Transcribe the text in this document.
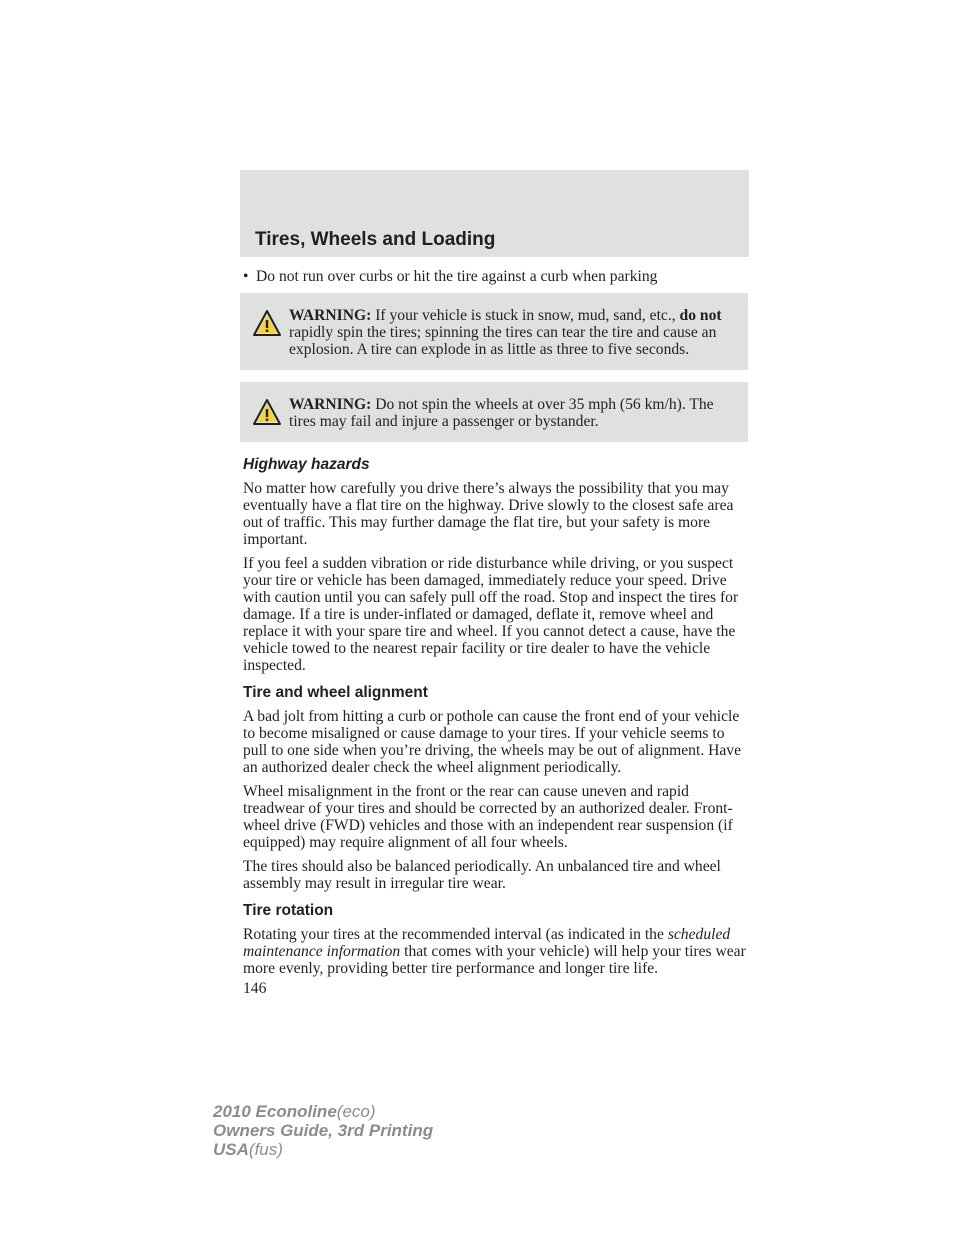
Tires, Wheels and Loading
• Do not run over curbs or hit the tire against a curb when parking
WARNING: If your vehicle is stuck in snow, mud, sand, etc., do not rapidly spin the tires; spinning the tires can tear the tire and cause an explosion. A tire can explode in as little as three to five seconds.
WARNING: Do not spin the wheels at over 35 mph (56 km/h). The tires may fail and injure a passenger or bystander.
Highway hazards

No matter how carefully you drive there’s always the possibility that you may eventually have a flat tire on the highway. Drive slowly to the closest safe area out of traffic. This may further damage the flat tire, but your safety is more important.

If you feel a sudden vibration or ride disturbance while driving, or you suspect your tire or vehicle has been damaged, immediately reduce your speed. Drive with caution until you can safely pull off the road. Stop and inspect the tires for damage. If a tire is under-inflated or damaged, deflate it, remove wheel and replace it with your spare tire and wheel. If you cannot detect a cause, have the vehicle towed to the nearest repair facility or tire dealer to have the vehicle inspected.

Tire and wheel alignment

A bad jolt from hitting a curb or pothole can cause the front end of your vehicle to become misaligned or cause damage to your tires. If your vehicle seems to pull to one side when you’re driving, the wheels may be out of alignment. Have an authorized dealer check the wheel alignment periodically.

Wheel misalignment in the front or the rear can cause uneven and rapid treadwear of your tires and should be corrected by an authorized dealer. Front-wheel drive (FWD) vehicles and those with an independent rear suspension (if equipped) may require alignment of all four wheels.

The tires should also be balanced periodically. An unbalanced tire and wheel assembly may result in irregular tire wear.

Tire rotation

Rotating your tires at the recommended interval (as indicated in the scheduled maintenance information that comes with your vehicle) will help your tires wear more evenly, providing better tire performance and longer tire life.

146
2010 Econoline(eco)
Owners Guide, 3rd Printing
USA(fus)
